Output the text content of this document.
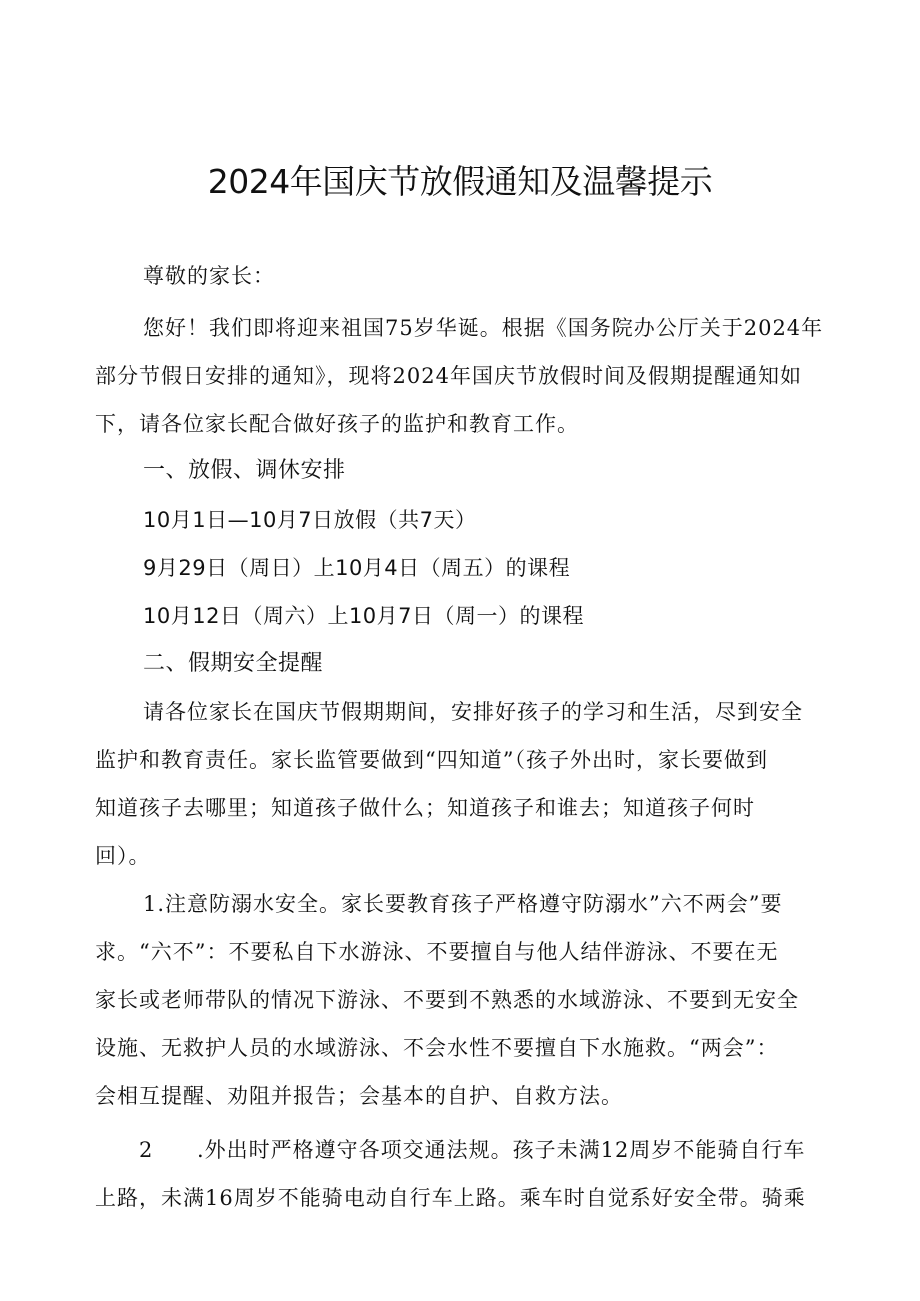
2024年国庆节放假通知及温馨提示
尊敬的家长：
您好！我们即将迎来祖国75岁华诞。根据《国务院办公厅关于2024年
部分节假日安排的通知》，现将2024年国庆节放假时间及假期提醒通知如
下，请各位家长配合做好孩子的监护和教育工作。
一、放假、调休安排
10月1日—10月7日放假（共7天）
9月29日（周日）上10月4日（周五）的课程
10月12日（周六）上10月7日（周一）的课程
二、假期安全提醒
请各位家长在国庆节假期期间，安排好孩子的学习和生活，尽到安全
监护和教育责任。家长监管要做到“四知道”（孩子外出时，家长要做到
知道孩子去哪里；知道孩子做什么；知道孩子和谁去；知道孩子何时
回）。
1.注意防溺水安全。家长要教育孩子严格遵守防溺水”六不两会”要
求。“六不”：不要私自下水游泳、不要擅自与他人结伴游泳、不要在无
家长或老师带队的情况下游泳、不要到不熟悉的水域游泳、不要到无安全
设施、无救护人员的水域游泳、不会水性不要擅自下水施救。“两会”：
会相互提醒、劝阻并报告；会基本的自护、自救方法。
2 .外出时严格遵守各项交通法规。孩子未满12周岁不能骑自行车
上路，未满16周岁不能骑电动自行车上路。乘车时自觉系好安全带。骑乘
